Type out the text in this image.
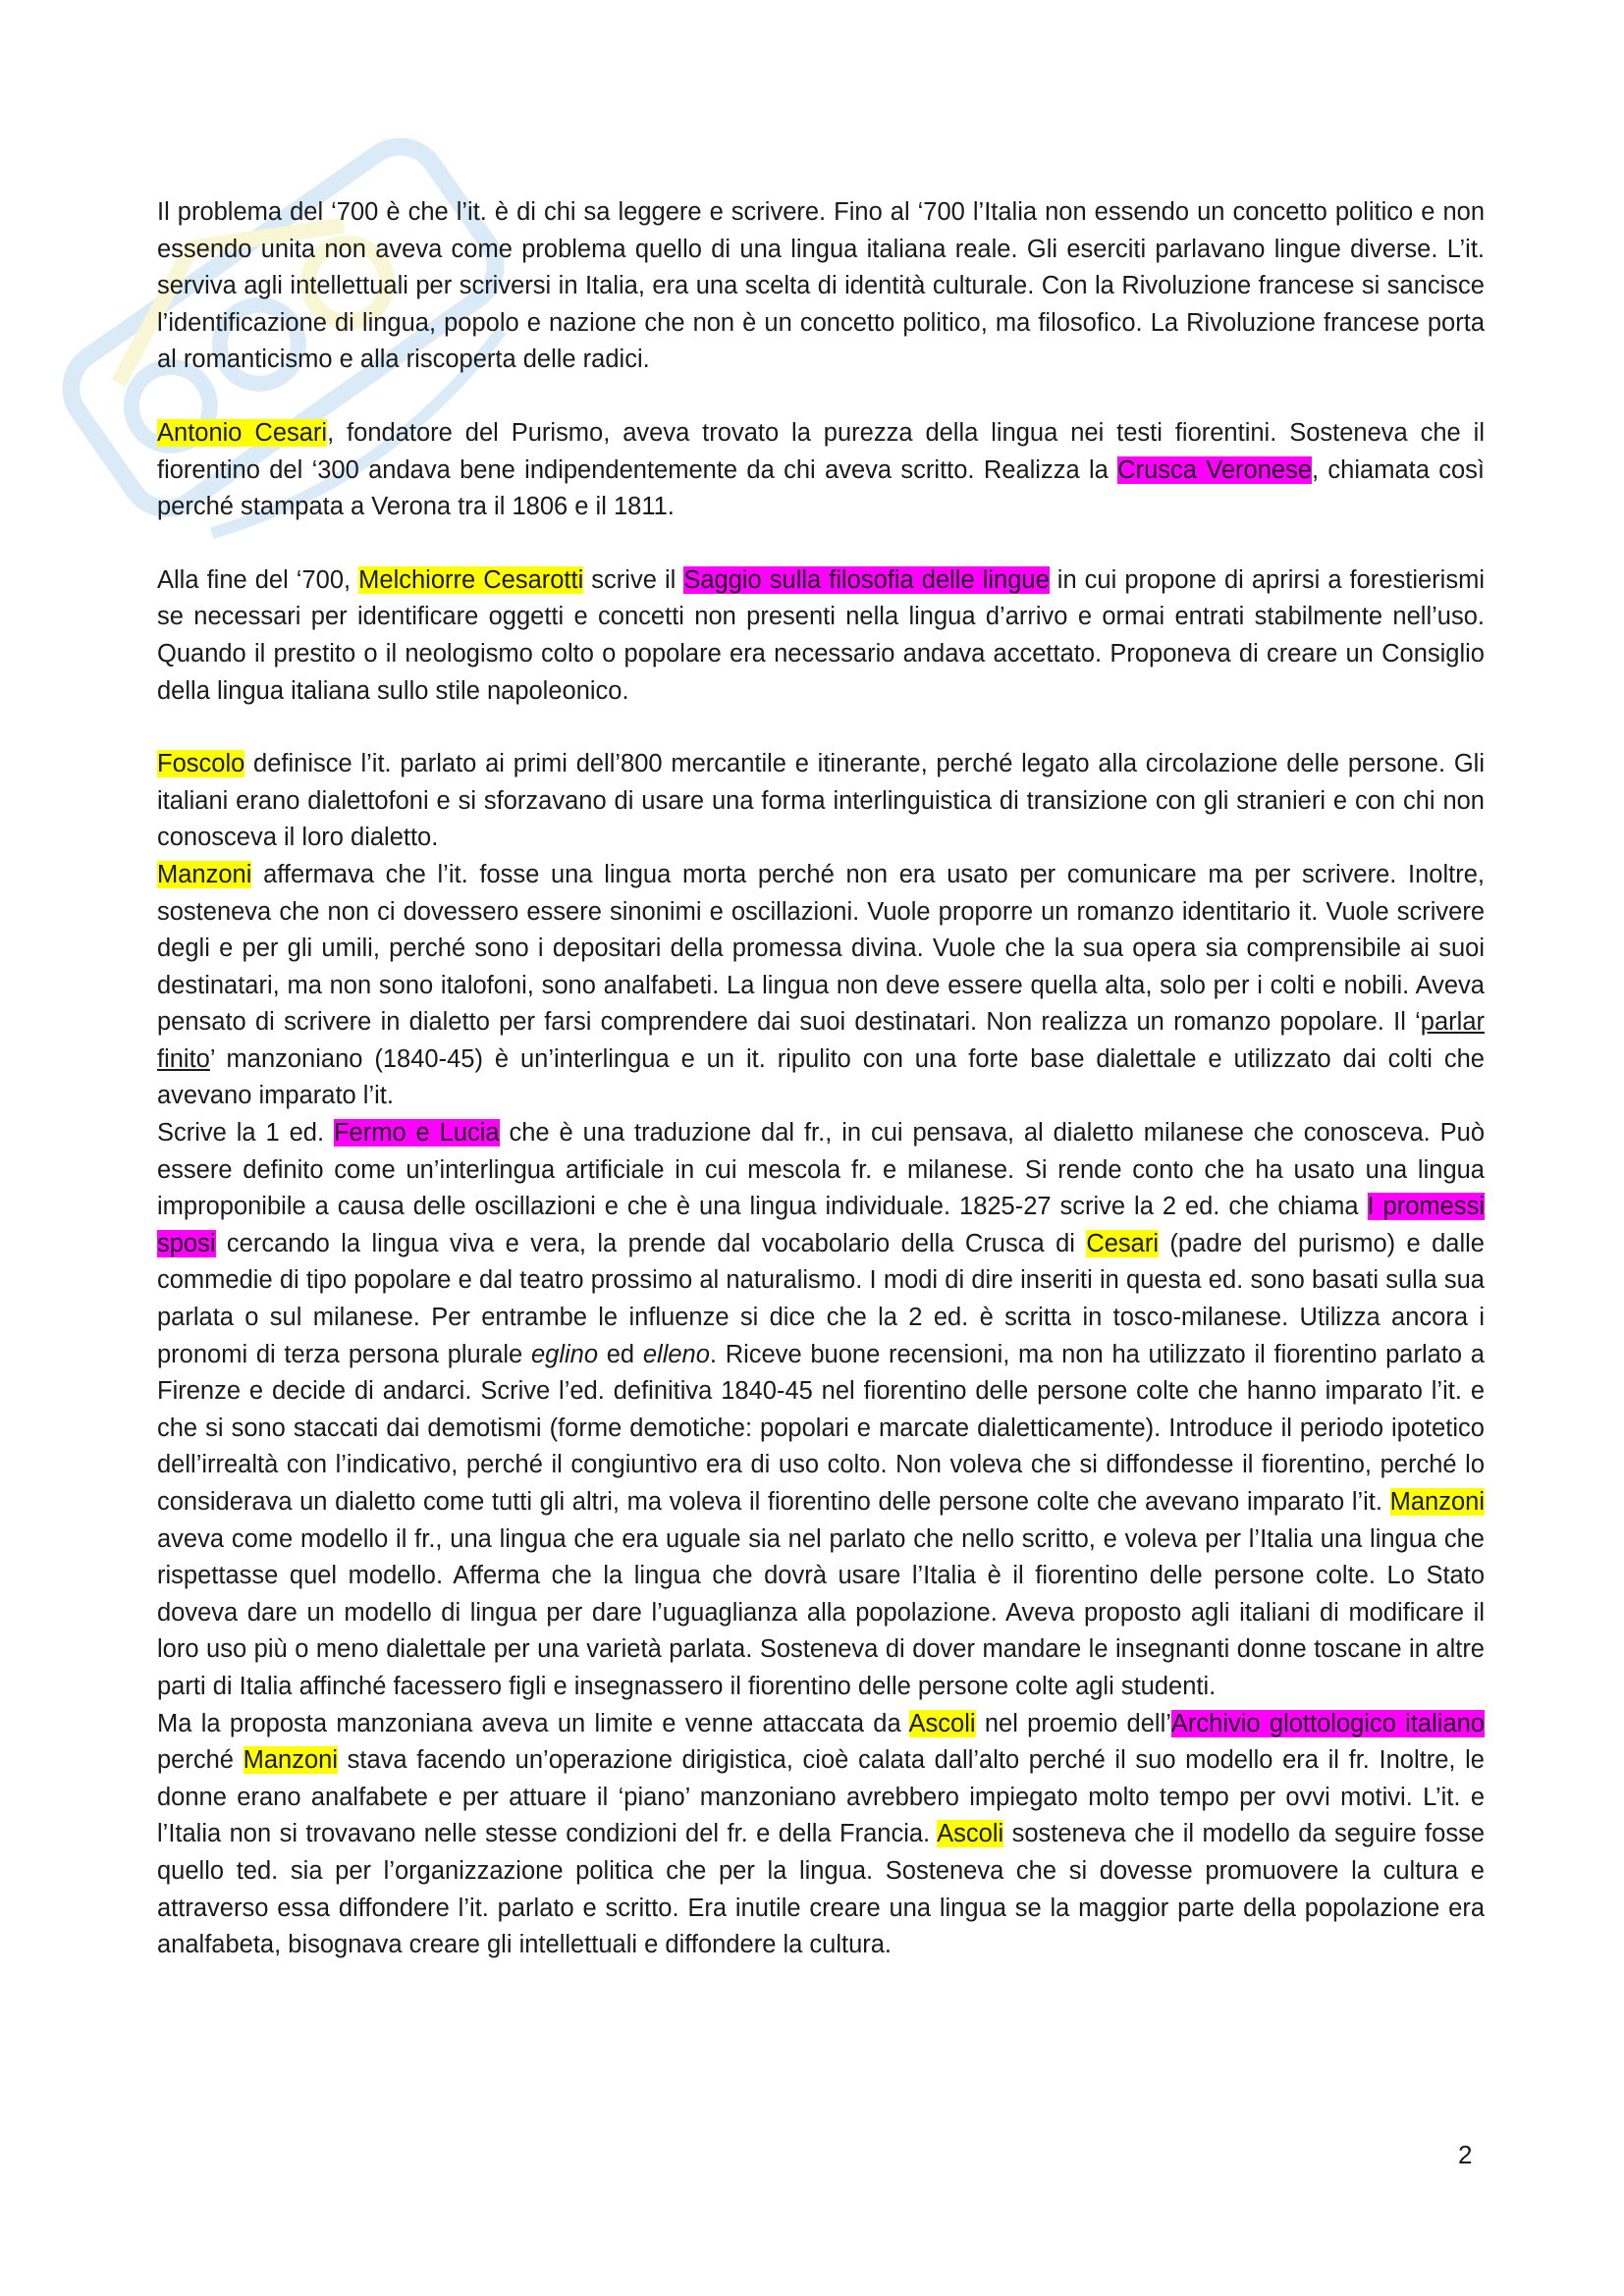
Il problema del ‘700 è che l’it. è di chi sa leggere e scrivere. Fino al ‘700 l’Italia non essendo un concetto politico e non essendo unita non aveva come problema quello di una lingua italiana reale. Gli eserciti parlavano lingue diverse. L’it. serviva agli intellettuali per scriversi in Italia, era una scelta di identità culturale. Con la Rivoluzione francese si sancisce l’identificazione di lingua, popolo e nazione che non è un concetto politico, ma filosofico. La Rivoluzione francese porta al romanticismo e alla riscoperta delle radici.

Antonio Cesari, fondatore del Purismo, aveva trovato la purezza della lingua nei testi fiorentini. Sosteneva che il fiorentino del ‘300 andava bene indipendentemente da chi aveva scritto. Realizza la Crusca Veronese, chiamata così perché stampata a Verona tra il 1806 e il 1811.

Alla fine del ‘700, Melchiorre Cesarotti scrive il Saggio sulla filosofia delle lingue in cui propone di aprirsi a forestierismi se necessari per identificare oggetti e concetti non presenti nella lingua d’arrivo e ormai entrati stabilmente nell’uso. Quando il prestito o il neologismo colto o popolare era necessario andava accettato. Proponeva di creare un Consiglio della lingua italiana sullo stile napoleonico.

Foscolo definisce l’it. parlato ai primi dell’800 mercantile e itinerante, perché legato alla circolazione delle persone. Gli italiani erano dialettofoni e si sforzavano di usare una forma interlinguistica di transizione con gli stranieri e con chi non conosceva il loro dialetto.

Manzoni affermava che l’it. fosse una lingua morta perché non era usato per comunicare ma per scrivere. Inoltre, sosteneva che non ci dovessero essere sinonimi e oscillazioni. Vuole proporre un romanzo identitario it. Vuole scrivere degli e per gli umili, perché sono i depositari della promessa divina. Vuole che la sua opera sia comprensibile ai suoi destinatari, ma non sono italofoni, sono analfabeti. La lingua non deve essere quella alta, solo per i colti e nobili. Aveva pensato di scrivere in dialetto per farsi comprendere dai suoi destinatari. Non realizza un romanzo popolare. Il ‘parlar finito’ manzoniano (1840-45) è un’interlingua e un it. ripulito con una forte base dialettale e utilizzato dai colti che avevano imparato l’it.

Scrive la 1 ed. Fermo e Lucia che è una traduzione dal fr., in cui pensava, al dialetto milanese che conosceva. Può essere definito come un’interlingua artificiale in cui mescola fr. e milanese. Si rende conto che ha usato una lingua improponibile a causa delle oscillazioni e che è una lingua individuale. 1825-27 scrive la 2 ed. che chiama I promessi sposi cercando la lingua viva e vera, la prende dal vocabolario della Crusca di Cesari (padre del purismo) e dalle commedie di tipo popolare e dal teatro prossimo al naturalismo. I modi di dire inseriti in questa ed. sono basati sulla sua parlata o sul milanese. Per entrambe le influenze si dice che la 2 ed. è scritta in tosco-milanese. Utilizza ancora i pronomi di terza persona plurale eglino ed elleno. Riceve buone recensioni, ma non ha utilizzato il fiorentino parlato a Firenze e decide di andarci. Scrive l’ed. definitiva 1840-45 nel fiorentino delle persone colte che hanno imparato l’it. e che si sono staccati dai demotismi (forme demotiche: popolari e marcate dialetticamente). Introduce il periodo ipotetico dell’irrealtà con l’indicativo, perché il congiuntivo era di uso colto. Non voleva che si diffondesse il fiorentino, perché lo considerava un dialetto come tutti gli altri, ma voleva il fiorentino delle persone colte che avevano imparato l’it. Manzoni aveva come modello il fr., una lingua che era uguale sia nel parlato che nello scritto, e voleva per l’Italia una lingua che rispettasse quel modello. Afferma che la lingua che dovrà usare l’Italia è il fiorentino delle persone colte. Lo Stato doveva dare un modello di lingua per dare l’uguaglianza alla popolazione. Aveva proposto agli italiani di modificare il loro uso più o meno dialettale per una varietà parlata. Sosteneva di dover mandare le insegnanti donne toscane in altre parti di Italia affinché facessero figli e insegnassero il fiorentino delle persone colte agli studenti.

Ma la proposta manzoniana aveva un limite e venne attaccata da Ascoli nel proemio dell’Archivio glottologico italiano perché Manzoni stava facendo un’operazione dirigistica, cioè calata dall’alto perché il suo modello era il fr. Inoltre, le donne erano analfabete e per attuare il ‘piano’ manzoniano avrebbero impiegato molto tempo per ovvi motivi. L’it. e l’Italia non si trovavano nelle stesse condizioni del fr. e della Francia. Ascoli sosteneva che il modello da seguire fosse quello ted. sia per l’organizzazione politica che per la lingua. Sosteneva che si dovesse promuovere la cultura e attraverso essa diffondere l’it. parlato e scritto. Era inutile creare una lingua se la maggior parte della popolazione era analfabeta, bisognava creare gli intellettuali e diffondere la cultura.

2
